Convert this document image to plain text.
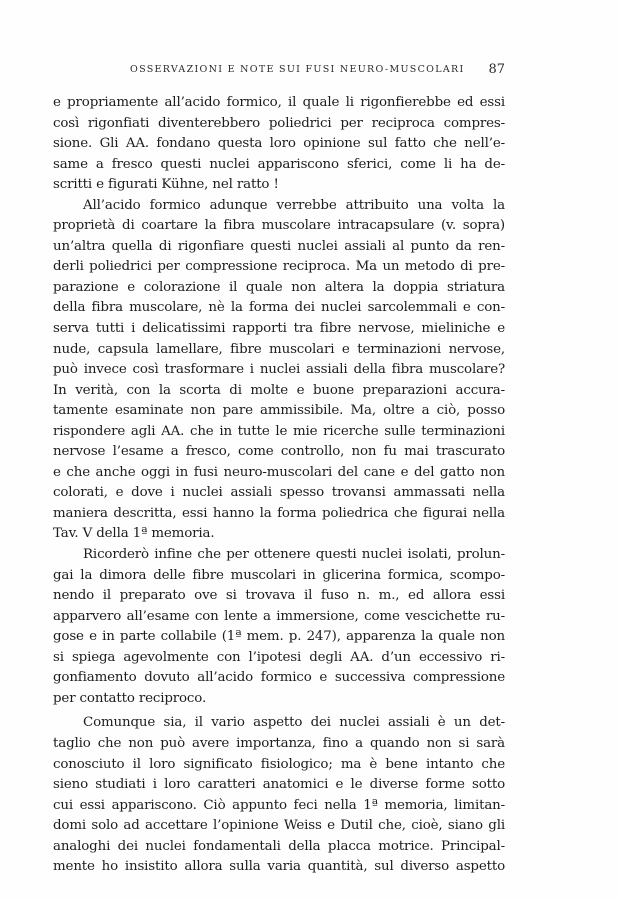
OSSERVAZIONI E NOTE SUI FUSI NEURO-MUSCOLARI 87
e propriamente all’acido formico, il quale li rigonfierebbe ed essi
così rigonfiati diventerebbero poliedrici per reciproca compres-
sione. Gli AA. fondano questa loro opinione sul fatto che nell’e-
same a fresco questi nuclei appariscono sferici, come li ha de-
scritti e figurati Kühne, nel ratto !
All’acido formico adunque verrebbe attribuito una volta la
proprietà di coartare la fibra muscolare intracapsulare (v. sopra)
un’altra quella di rigonfiare questi nuclei assiali al punto da ren-
derli poliedrici per compressione reciproca. Ma un metodo di pre-
parazione e colorazione il quale non altera la doppia striatura
della fibra muscolare, nè la forma dei nuclei sarcolemmali e con-
serva tutti i delicatissimi rapporti tra fibre nervose, mieliniche e
nude, capsula lamellare, fibre muscolari e terminazioni nervose,
può invece così trasformare i nuclei assiali della fibra muscolare?
In verità, con la scorta di molte e buone preparazioni accura-
tamente esaminate non pare ammissibile. Ma, oltre a ciò, posso
rispondere agli AA. che in tutte le mie ricerche sulle terminazioni
nervose l’esame a fresco, come controllo, non fu mai trascurato
e che anche oggi in fusi neuro-muscolari del cane e del gatto non
colorati, e dove i nuclei assiali spesso trovansi ammassati nella
maniera descritta, essi hanno la forma poliedrica che figurai nella
Tav. V della 1ª memoria.
Ricorderò infine che per ottenere questi nuclei isolati, prolun-
gai la dimora delle fibre muscolari in glicerina formica, scompo-
nendo il preparato ove si trovava il fuso n. m., ed allora essi
apparvero all’esame con lente a immersione, come vescichette ru-
gose e in parte collabile (1ª mem. p. 247), apparenza la quale non
si spiega agevolmente con l’ipotesi degli AA. d’un eccessivo ri-
gonfiamento dovuto all’acido formico e successiva compressione
per contatto reciproco.
Comunque sia, il vario aspetto dei nuclei assiali è un det-
taglio che non può avere importanza, fino a quando non si sarà
conosciuto il loro significato fisiologico; ma è bene intanto che
sieno studiati i loro caratteri anatomici e le diverse forme sotto
cui essi appariscono. Ciò appunto feci nella 1ª memoria, limitan-
domi solo ad accettare l’opinione Weiss e Dutil che, cioè, siano gli
analoghi dei nuclei fondamentali della placca motrice. Principal-
mente ho insistito allora sulla varia quantità, sul diverso aspetto
